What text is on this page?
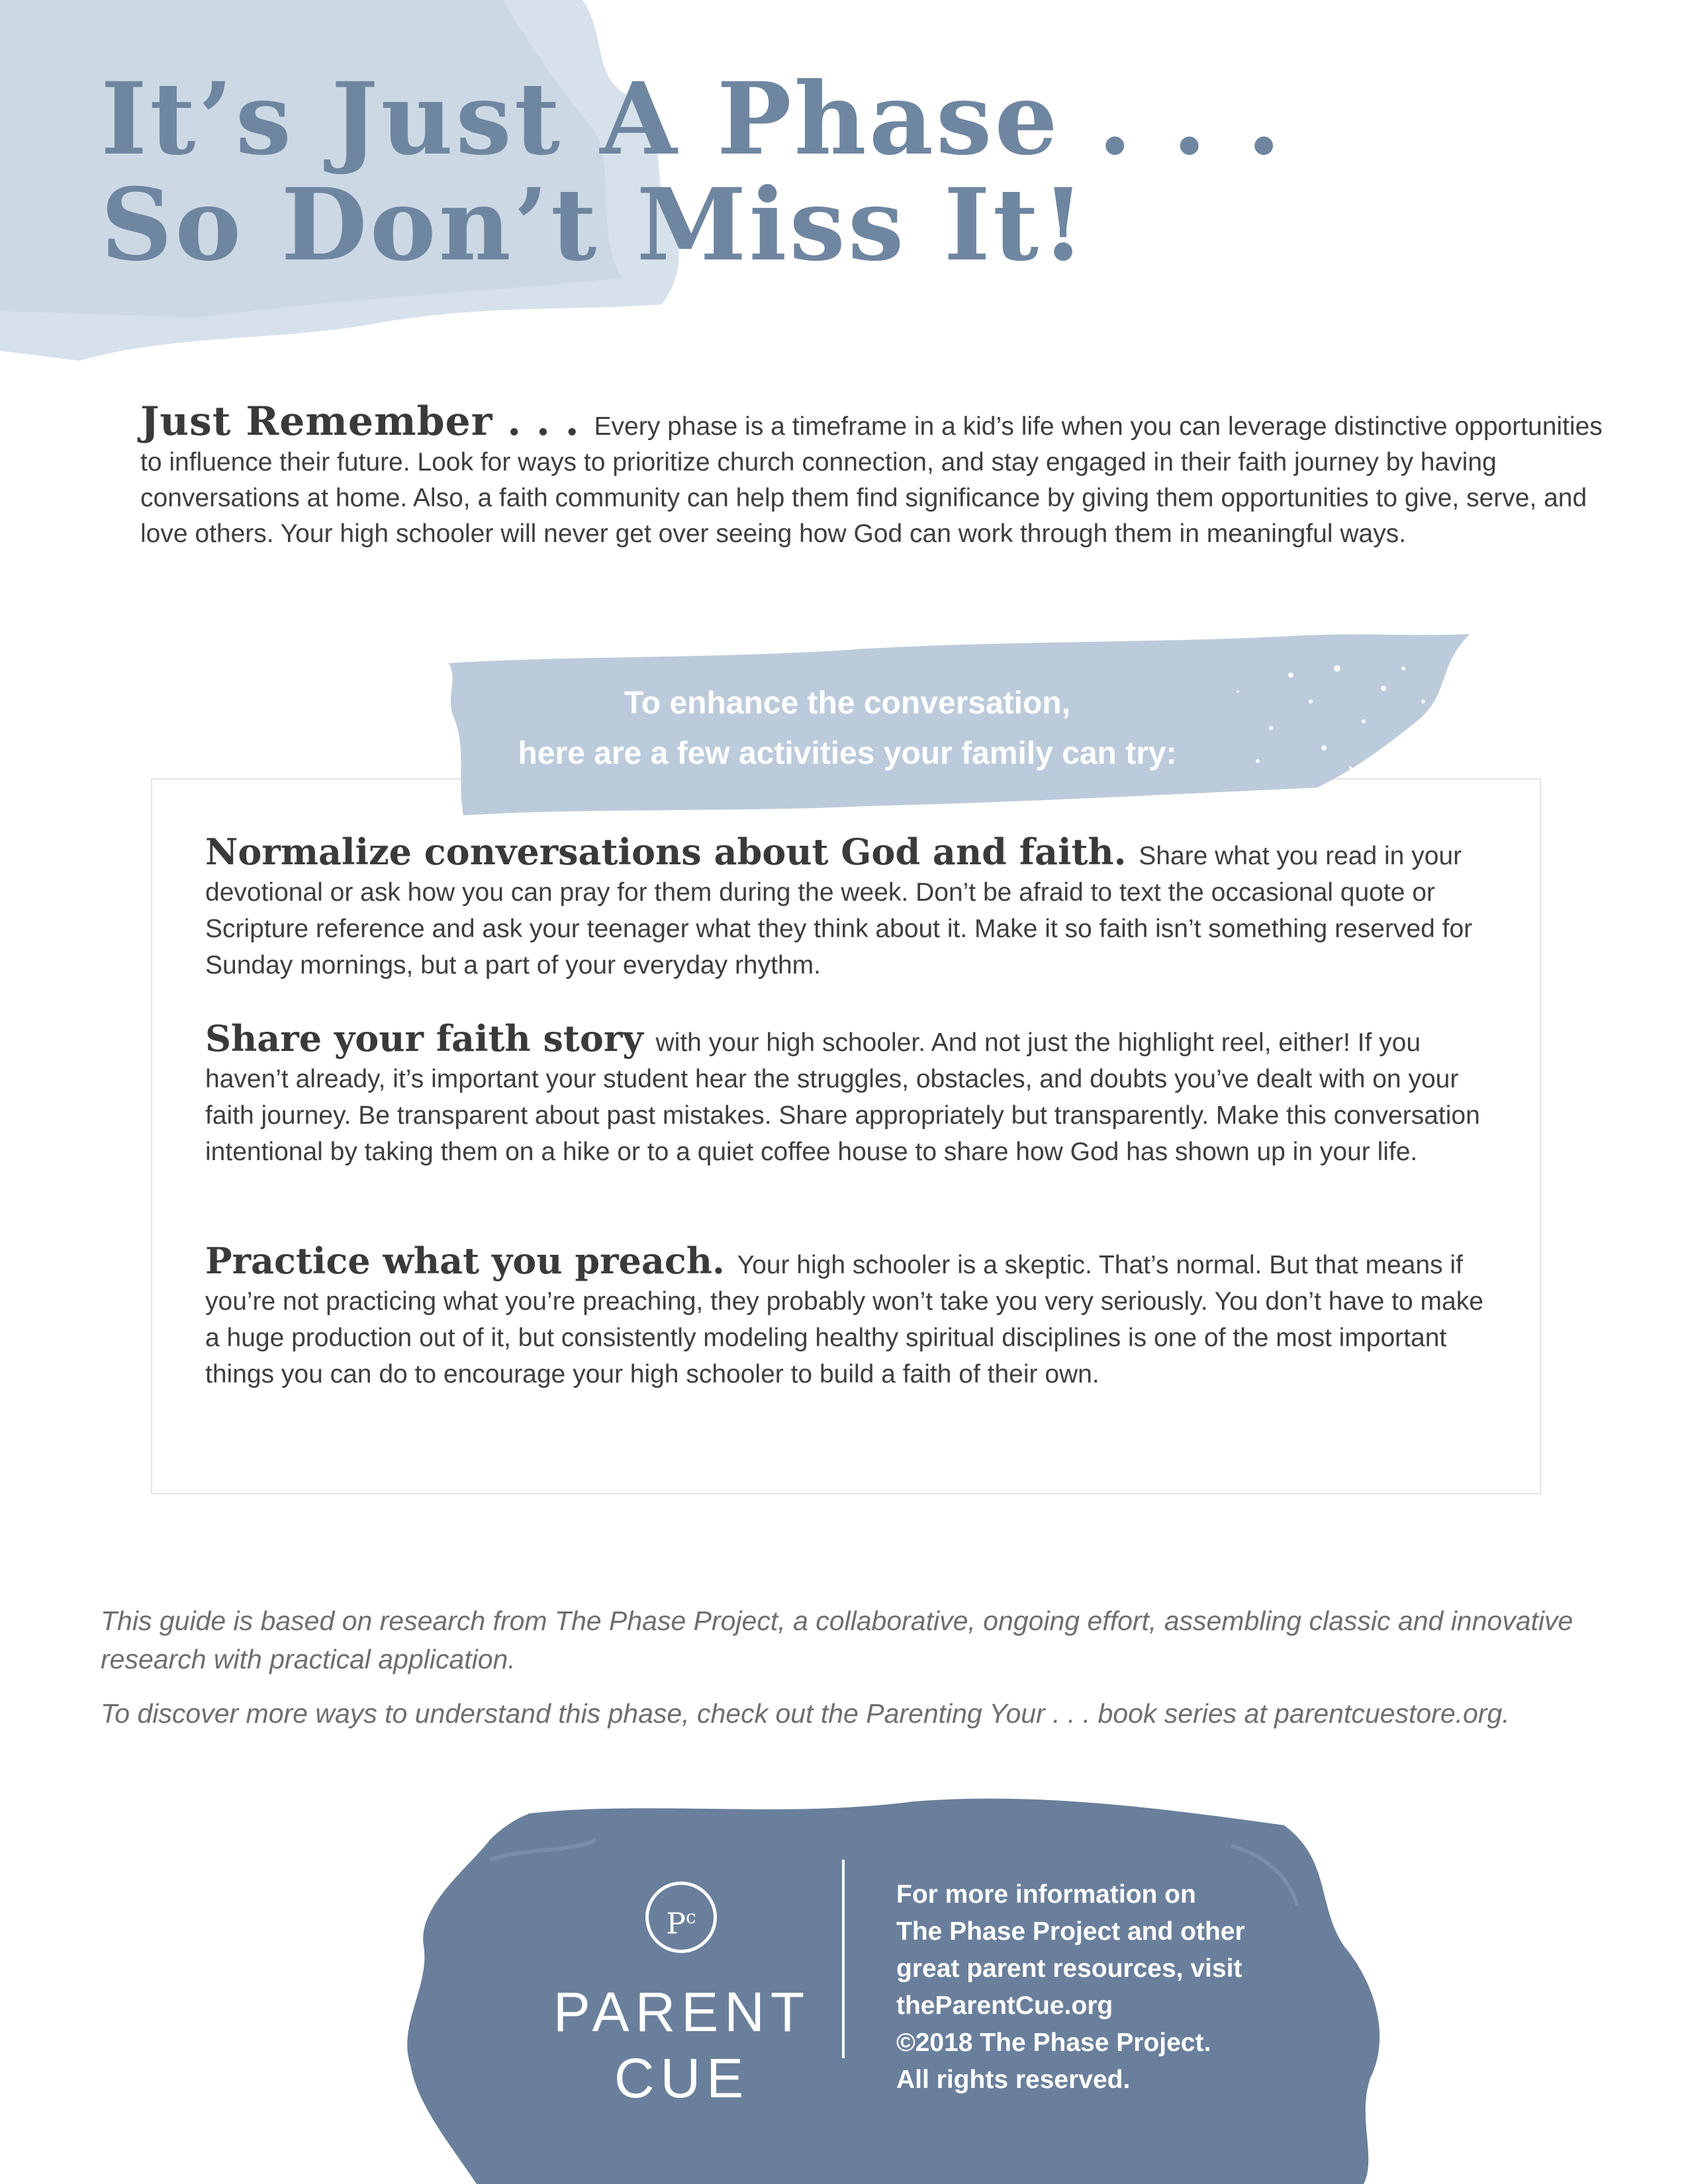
It’s Just A Phase . . .
So Don’t Miss It!

Just Remember . . . Every phase is a timeframe in a kid’s life when you can leverage distinctive opportunities to influence their future. Look for ways to prioritize church connection, and stay engaged in their faith journey by having conversations at home. Also, a faith community can help them find significance by giving them opportunities to give, serve, and love others. Your high schooler will never get over seeing how God can work through them in meaningful ways.

Normalize conversations about God and faith. Share what you read in your devotional or ask how you can pray for them during the week. Don’t be afraid to text the occasional quote or Scripture reference and ask your teenager what they think about it. Make it so faith isn’t something reserved for Sunday mornings, but a part of your everyday rhythm.

Share your faith story with your high schooler. And not just the highlight reel, either! If you haven’t already, it’s important your student hear the struggles, obstacles, and doubts you’ve dealt with on your faith journey. Be transparent about past mistakes. Share appropriately but transparently. Make this conversation intentional by taking them on a hike or to a quiet coffee house to share how God has shown up in your life.

Practice what you preach. Your high schooler is a skeptic. That’s normal. But that means if you’re not practicing what you’re preaching, they probably won’t take you very seriously. You don’t have to make a huge production out of it, but consistently modeling healthy spiritual disciplines is one of the most important things you can do to encourage your high schooler to build a faith of their own.

To enhance the conversation,
here are a few activities your family can try:

This guide is based on research from The Phase Project, a collaborative, ongoing effort, assembling classic and innovative research with practical application.

To discover more ways to understand this phase, check out the Parenting Your . . . book series at parentcuestore.org.

$P^c$
PARENT
CUE
For more information on
The Phase Project and other
great parent resources, visit
theParentCue.org
©2018 The Phase Project.
All rights reserved.
